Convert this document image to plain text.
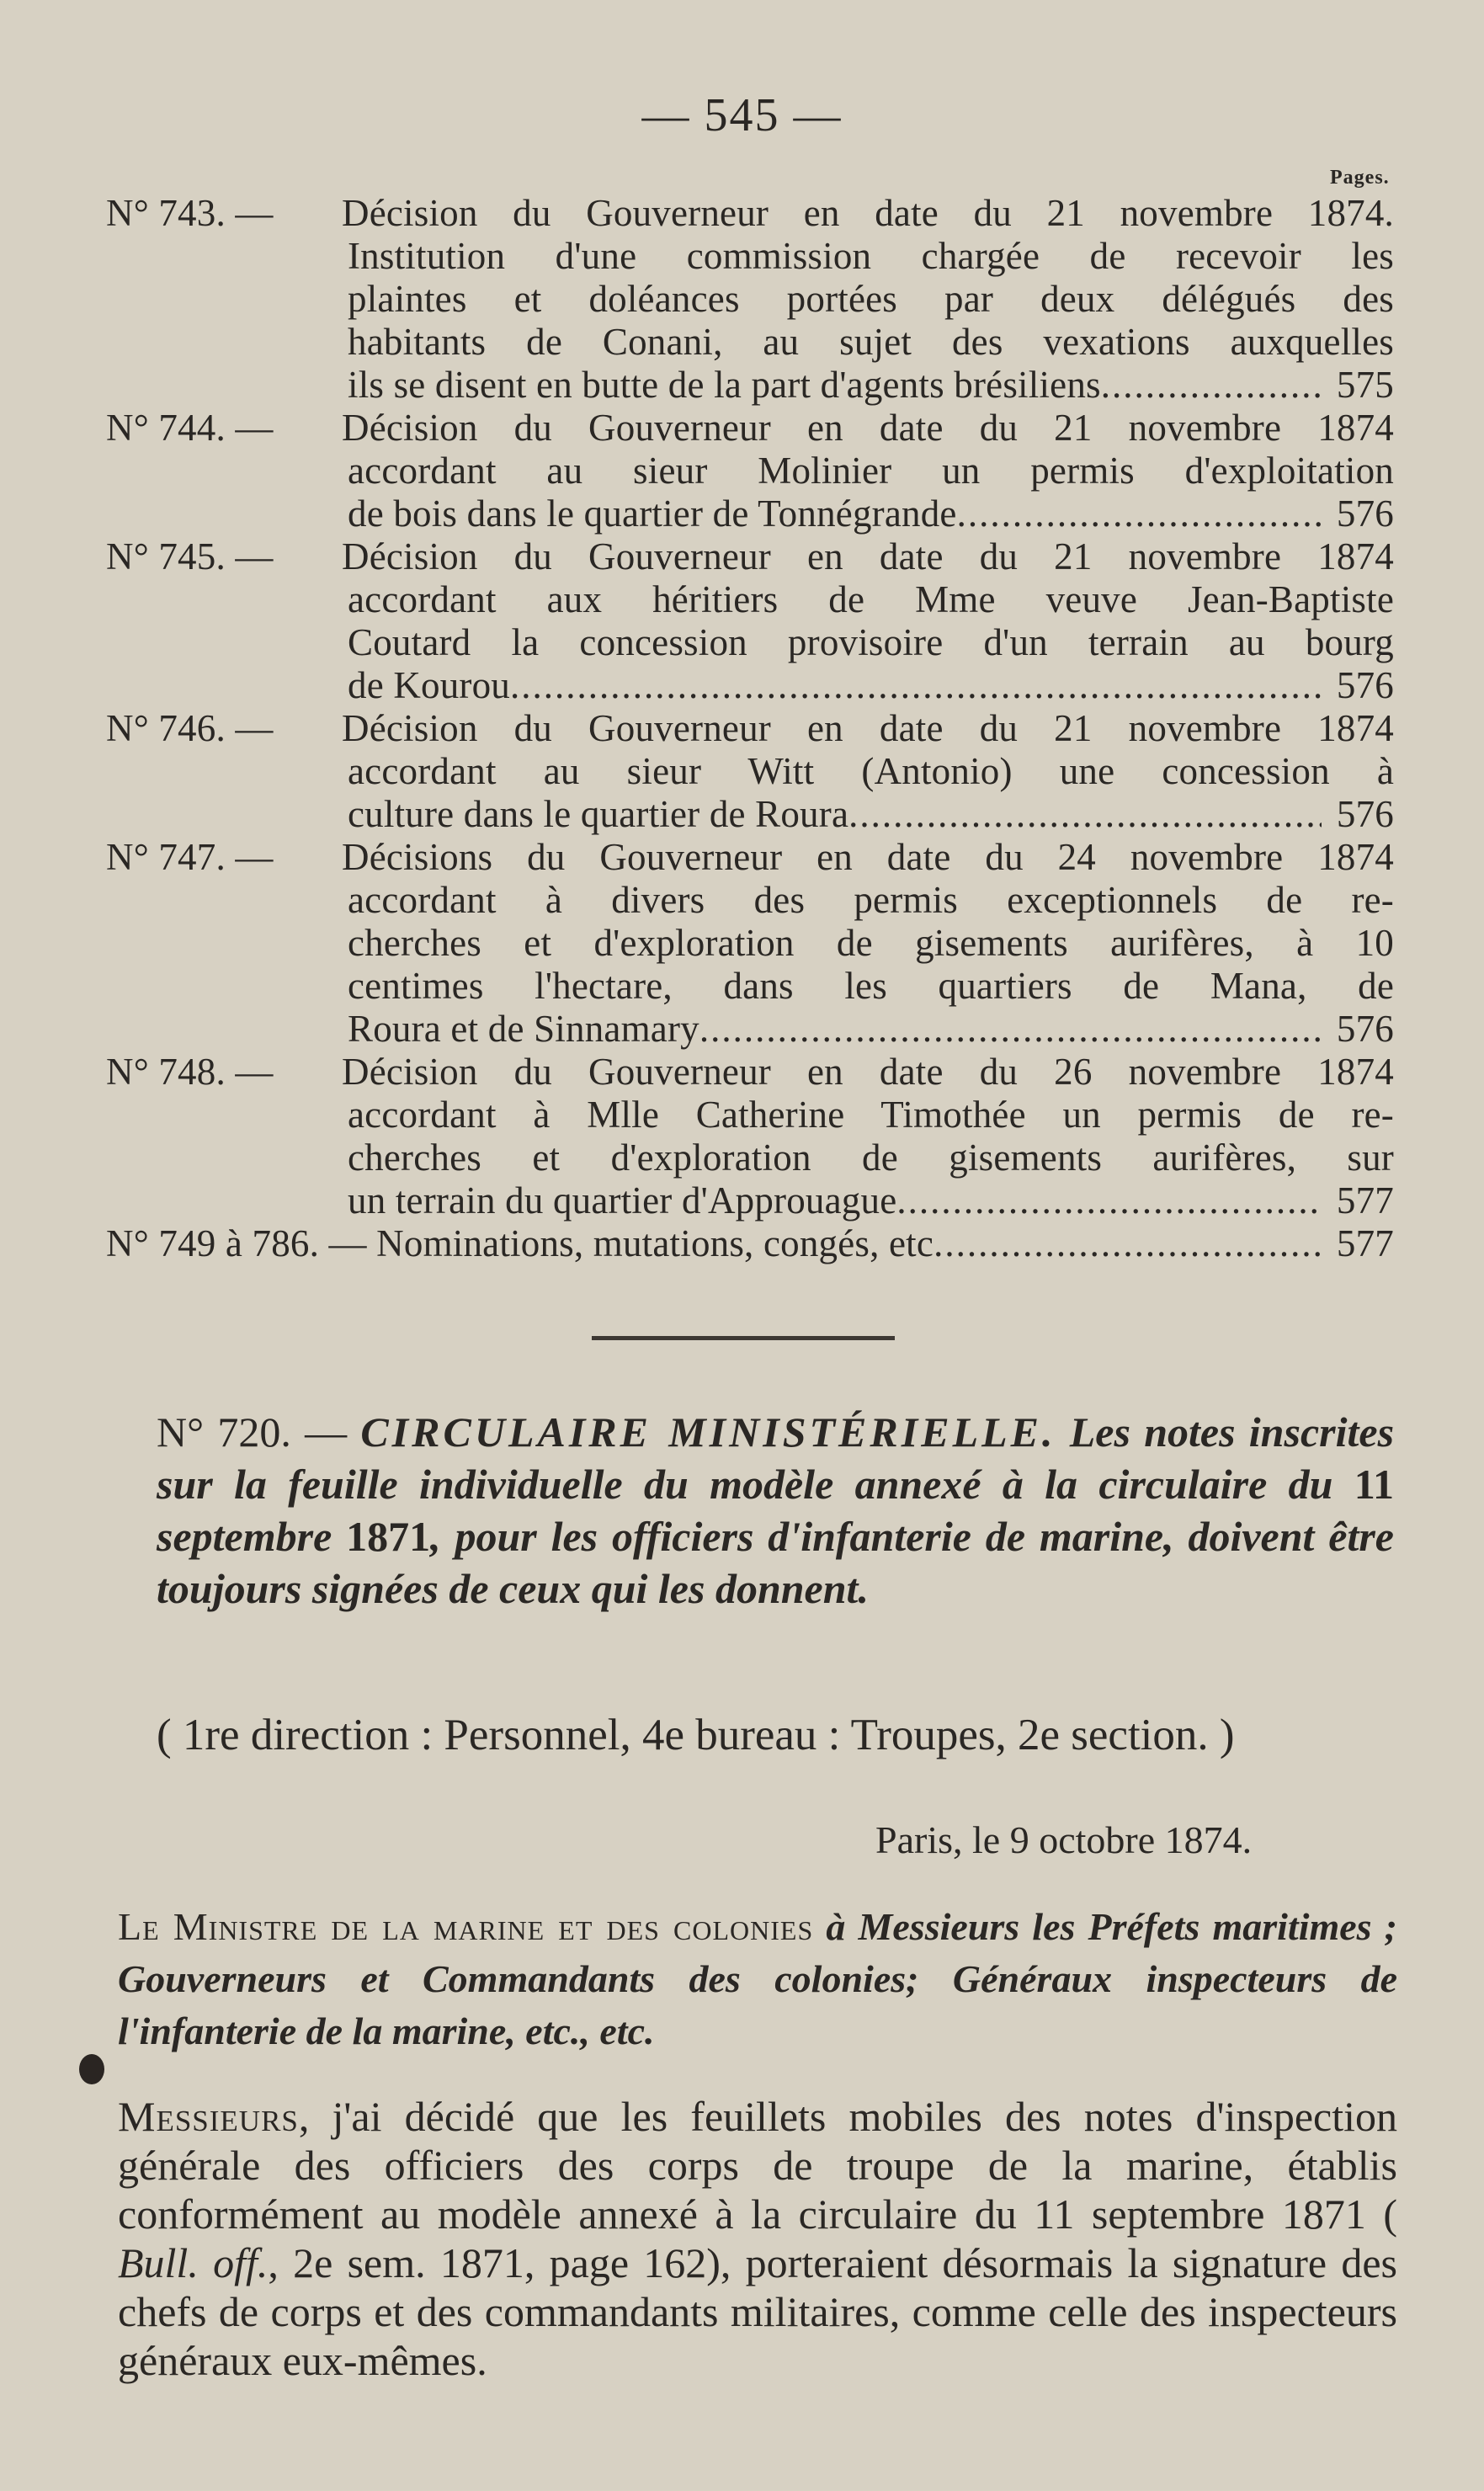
— 545 —
Pages.
N° 743. —	Décision du Gouverneur en date du 21 novembre 1874.
Institution d'une commission chargée de recevoir les
plaintes et doléances portées par deux délégués des
habitants de Conani, au sujet des vexations auxquelles
ils se disent en butte de la part d'agents brésiliens .....	575
N° 744. —	Décision du Gouverneur en date du 21 novembre 1874
accordant au sieur Molinier un permis d'exploitation
de bois dans le quartier de Tonnégrande .....	576
N° 745. —	Décision du Gouverneur en date du 21 novembre 1874
accordant aux héritiers de Mme veuve Jean-Baptiste
Coutard la concession provisoire d'un terrain au bourg
de Kourou .....	576
N° 746. —	Décision du Gouverneur en date du 21 novembre 1874
accordant au sieur Witt (Antonio) une concession à
culture dans le quartier de Roura .....	576
N° 747. —	Décisions du Gouverneur en date du 24 novembre 1874
accordant à divers des permis exceptionnels de re-
cherches et d'exploration de gisements aurifères, à 10
centimes l'hectare, dans les quartiers de Mana, de
Roura et de Sinnamary .....	576
N° 748. —	Décision du Gouverneur en date du 26 novembre 1874
accordant à Mlle Catherine Timothée un permis de re-
cherches et d'exploration de gisements aurifères, sur
un terrain du quartier d'Approuague .....	577
N° 749 à 786. — Nominations, mutations, congés, etc .....	577
N° 720. — CIRCULAIRE MINISTÉRIELLE. Les notes inscrites sur la feuille individuelle du modèle annexé à la circulaire du 11 septembre 1871, pour les officiers d'infanterie de marine, doivent être toujours signées de ceux qui les donnent.
( 1re direction : Personnel, 4e bureau : Troupes, 2e section. )
Paris, le 9 octobre 1874.
Le Ministre de la marine et des colonies à Messieurs les Préfets maritimes ; Gouverneurs et Commandants des colonies; Généraux inspecteurs de l'infanterie de la marine, etc., etc.
Messieurs, j'ai décidé que les feuillets mobiles des notes d'inspection générale des officiers des corps de troupe de la marine, établis conformément au modèle annexé à la circulaire du 11 septembre 1871 ( Bull. off., 2e sem. 1871, page 162), porteraient désormais la signature des chefs de corps et des commandants militaires, comme celle des inspecteurs généraux eux-mêmes.
